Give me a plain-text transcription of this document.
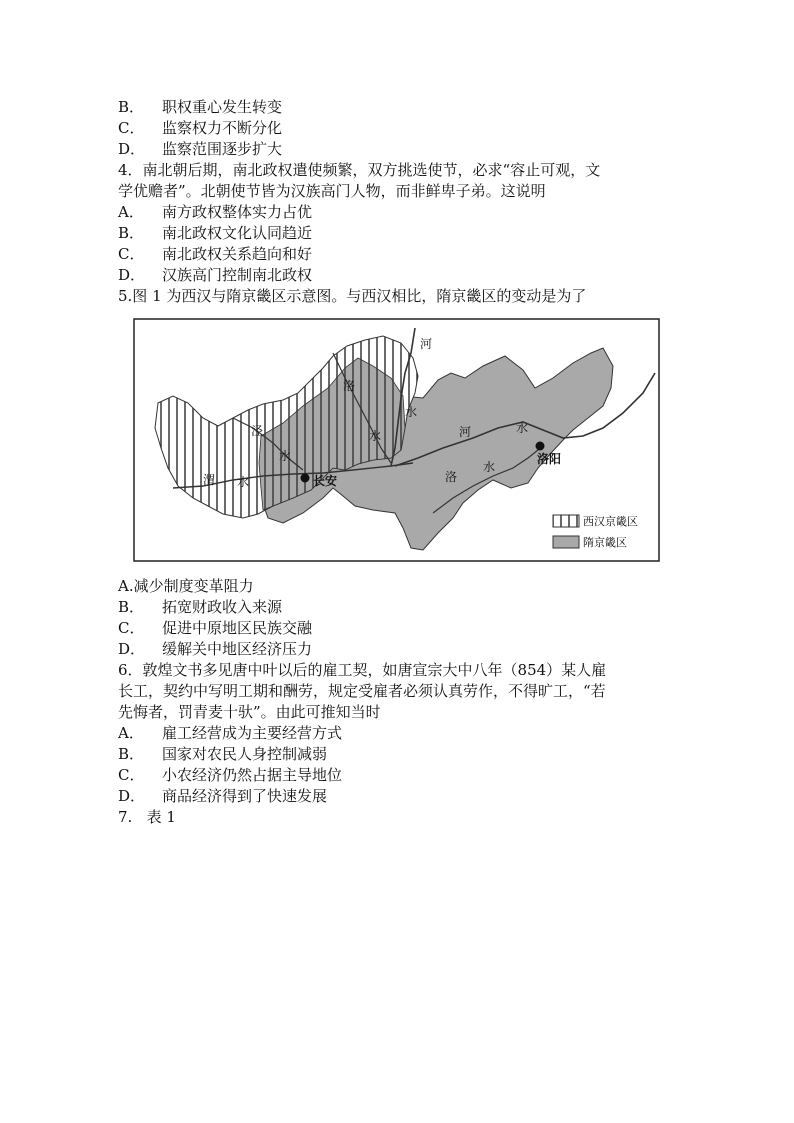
B． 职权重心发生转变
C． 监察权力不断分化
D． 监察范围逐步扩大
4．南北朝后期，南北政权遣使频繁，双方挑选使节，必求“容止可观，文
学优赡者”。北朝使节皆为汉族高门人物，而非鲜卑子弟。这说明
A． 南方政权整体实力占优
B． 南北政权文化认同趋近
C． 南北政权关系趋向和好
D． 汉族高门控制南北政权
5.图 1 为西汉与隋京畿区示意图。与西汉相比，隋京畿区的变动是为了
河
洛
水
泾	水
水
渭 水	长安
河	水
洛
水
洛阳
西汉京畿区
隋京畿区
A.减少制度变革阻力
B． 拓宽财政收入来源
C． 促进中原地区民族交融
D． 缓解关中地区经济压力
6．敦煌文书多见唐中叶以后的雇工契，如唐宣宗大中八年（854）某人雇
长工，契约中写明工期和酬劳，规定受雇者必须认真劳作，不得旷工，“若
先悔者，罚青麦十驮”。由此可推知当时
A． 雇工经营成为主要经营方式
B． 国家对农民人身控制减弱
C． 小农经济仍然占据主导地位
D． 商品经济得到了快速发展
7.   表 1
